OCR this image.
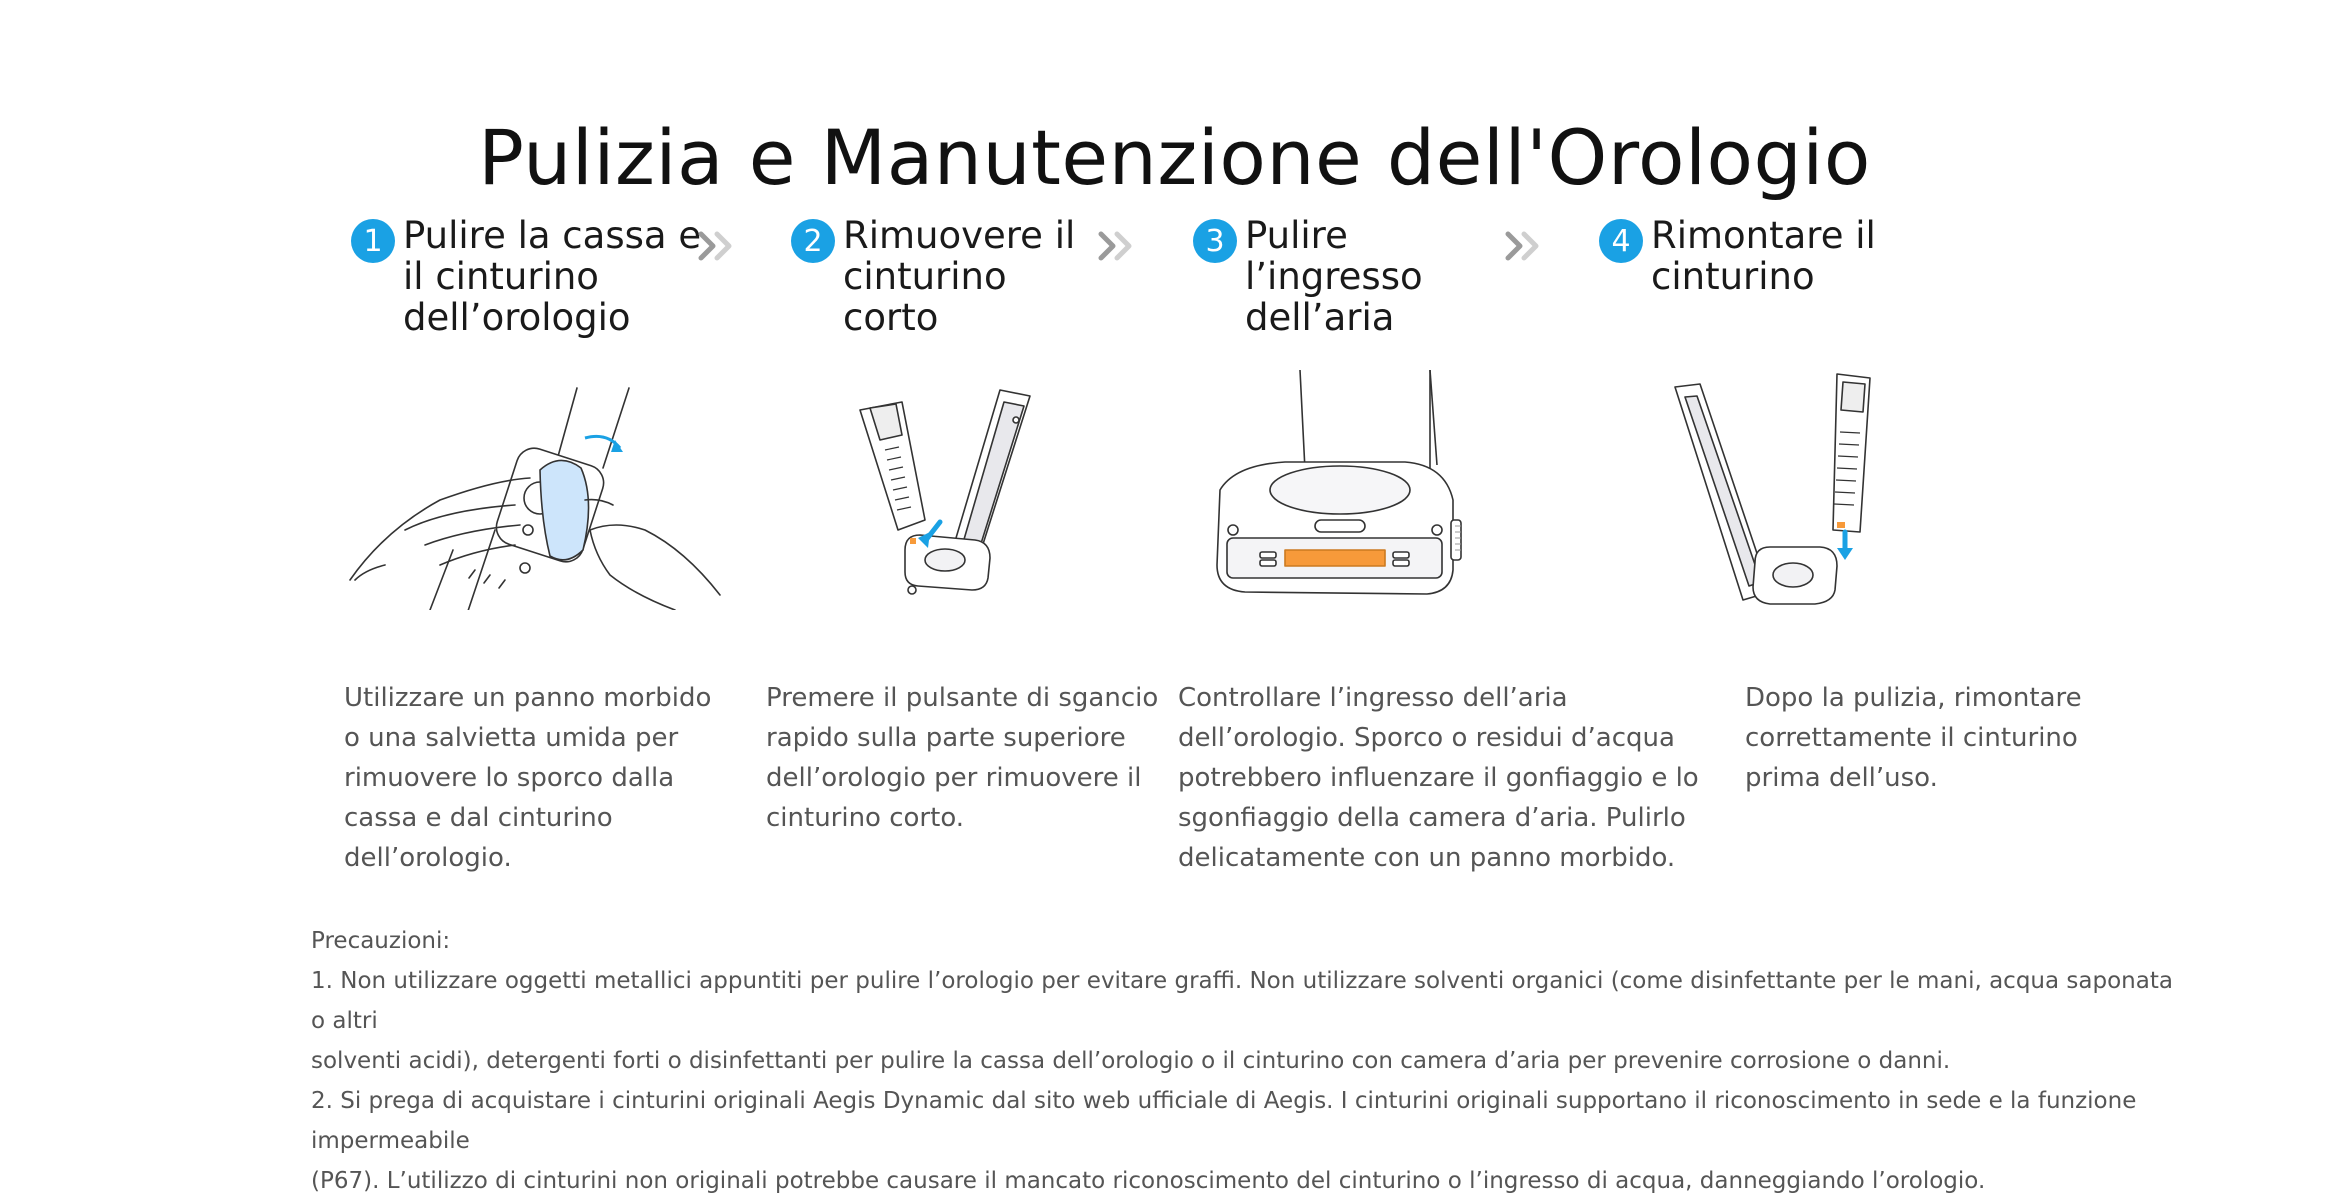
Pulizia e Manutenzione dell'Orologio
1 Pulire la cassa e
il cinturino
dell’orologio
2 Rimuovere il
cinturino
corto
3 Pulire
l’ingresso
dell’aria
4 Rimontare il
cinturino
Utilizzare un panno morbido
o una salvietta umida per
rimuovere lo sporco dalla
cassa e dal cinturino
dell’orologio.
Premere il pulsante di sgancio
rapido sulla parte superiore
dell’orologio per rimuovere il
cinturino corto.
Controllare l’ingresso dell’aria
dell’orologio. Sporco o residui d’acqua
potrebbero influenzare il gonfiaggio e lo
sgonfiaggio della camera d’aria. Pulirlo
delicatamente con un panno morbido.
Dopo la pulizia, rimontare
correttamente il cinturino
prima dell’uso.

Precauzioni:

1. Non utilizzare oggetti metallici appuntiti per pulire l’orologio per evitare graffi. Non utilizzare solventi organici (come disinfettante per le mani, acqua saponata o altri

solventi acidi), detergenti forti o disinfettanti per pulire la cassa dell’orologio o il cinturino con camera d’aria per prevenire corrosione o danni.

2. Si prega di acquistare i cinturini originali Aegis Dynamic dal sito web ufficiale di Aegis. I cinturini originali supportano il riconoscimento in sede e la funzione impermeabile

(P67). L’utilizzo di cinturini non originali potrebbe causare il mancato riconoscimento del cinturino o l’ingresso di acqua, danneggiando l’orologio.
